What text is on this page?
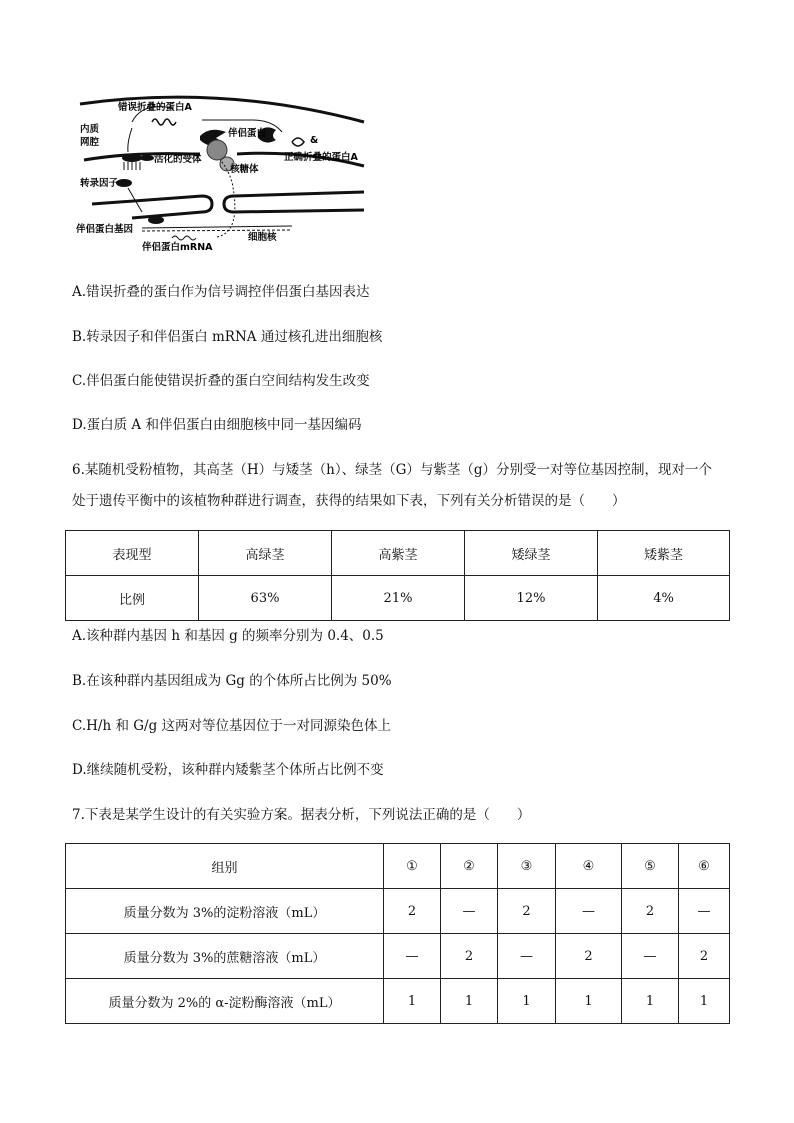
错误折叠的蛋白A
内质
网腔
伴侣蛋白
&
正确折叠的蛋白A
活化的受体
核糖体
转录因子
伴侣蛋白基因
伴侣蛋白mRNA
细胞核
A.错误折叠的蛋白作为信号调控伴侣蛋白基因表达
B.转录因子和伴侣蛋白 mRNA 通过核孔进出细胞核
C.伴侣蛋白能使错误折叠的蛋白空间结构发生改变
D.蛋白质 A 和伴侣蛋白由细胞核中同一基因编码
6.某随机受粉植物，其高茎（H）与矮茎（h）、绿茎（G）与紫茎（g）分别受一对等位基因控制，现对一个
处于遗传平衡中的该植物种群进行调查，获得的结果如下表，下列有关分析错误的是（　　）
表现型	高绿茎	高紫茎	矮绿茎	矮紫茎
比例	63%	21%	12%	4%
A.该种群内基因 h 和基因 g 的频率分别为 0.4、0.5
B.在该种群内基因组成为 Gg 的个体所占比例为 50%
C.H/h 和 G/g 这两对等位基因位于一对同源染色体上
D.继续随机受粉，该种群内矮紫茎个体所占比例不变
7.下表是某学生设计的有关实验方案。据表分析，下列说法正确的是（　　）
组别	①	②	③	④	⑤	⑥
质量分数为 3%的淀粉溶液（mL）	2	—	2	—	2	—
质量分数为 3%的蔗糖溶液（mL）	—	2	—	2	—	2
质量分数为 2%的 α-淀粉酶溶液（mL）	1	1	1	1	1	1
